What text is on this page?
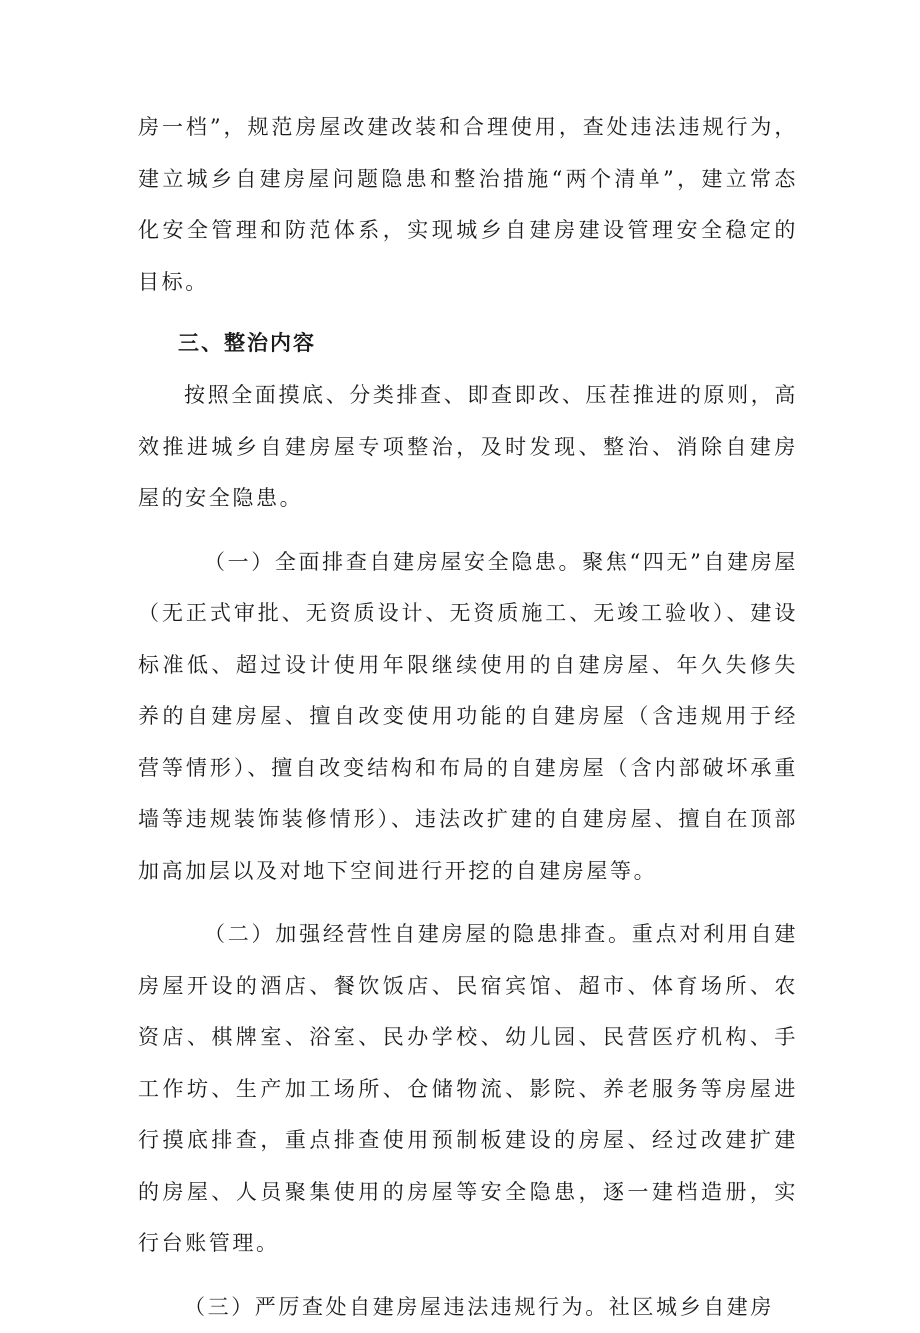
房一档”，规范房屋改建改装和合理使用，查处违法违规行为，建立城乡自建房屋问题隐患和整治措施“两个清单”，建立常态化安全管理和防范体系，实现城乡自建房建设管理安全稳定的目标。

三、整治内容

按照全面摸底、分类排查、即查即改、压茬推进的原则，高效推进城乡自建房屋专项整治，及时发现、整治、消除自建房屋的安全隐患。

（一）全面排查自建房屋安全隐患。聚焦“四无”自建房屋（无正式审批、无资质设计、无资质施工、无竣工验收）、建设标准低、超过设计使用年限继续使用的自建房屋、年久失修失养的自建房屋、擅自改变使用功能的自建房屋（含违规用于经营等情形）、擅自改变结构和布局的自建房屋（含内部破坏承重墙等违规装饰装修情形）、违法改扩建的自建房屋、擅自在顶部加高加层以及对地下空间进行开挖的自建房屋等。

（二）加强经营性自建房屋的隐患排查。重点对利用自建房屋开设的酒店、餐饮饭店、民宿宾馆、超市、体育场所、农资店、棋牌室、浴室、民办学校、幼儿园、民营医疗机构、手工作坊、生产加工场所、仓储物流、影院、养老服务等房屋进行摸底排查，重点排查使用预制板建设的房屋、经过改建扩建的房屋、人员聚集使用的房屋等安全隐患，逐一建档造册，实行台账管理。

（三）严厉查处自建房屋违法违规行为。社区城乡自建房
